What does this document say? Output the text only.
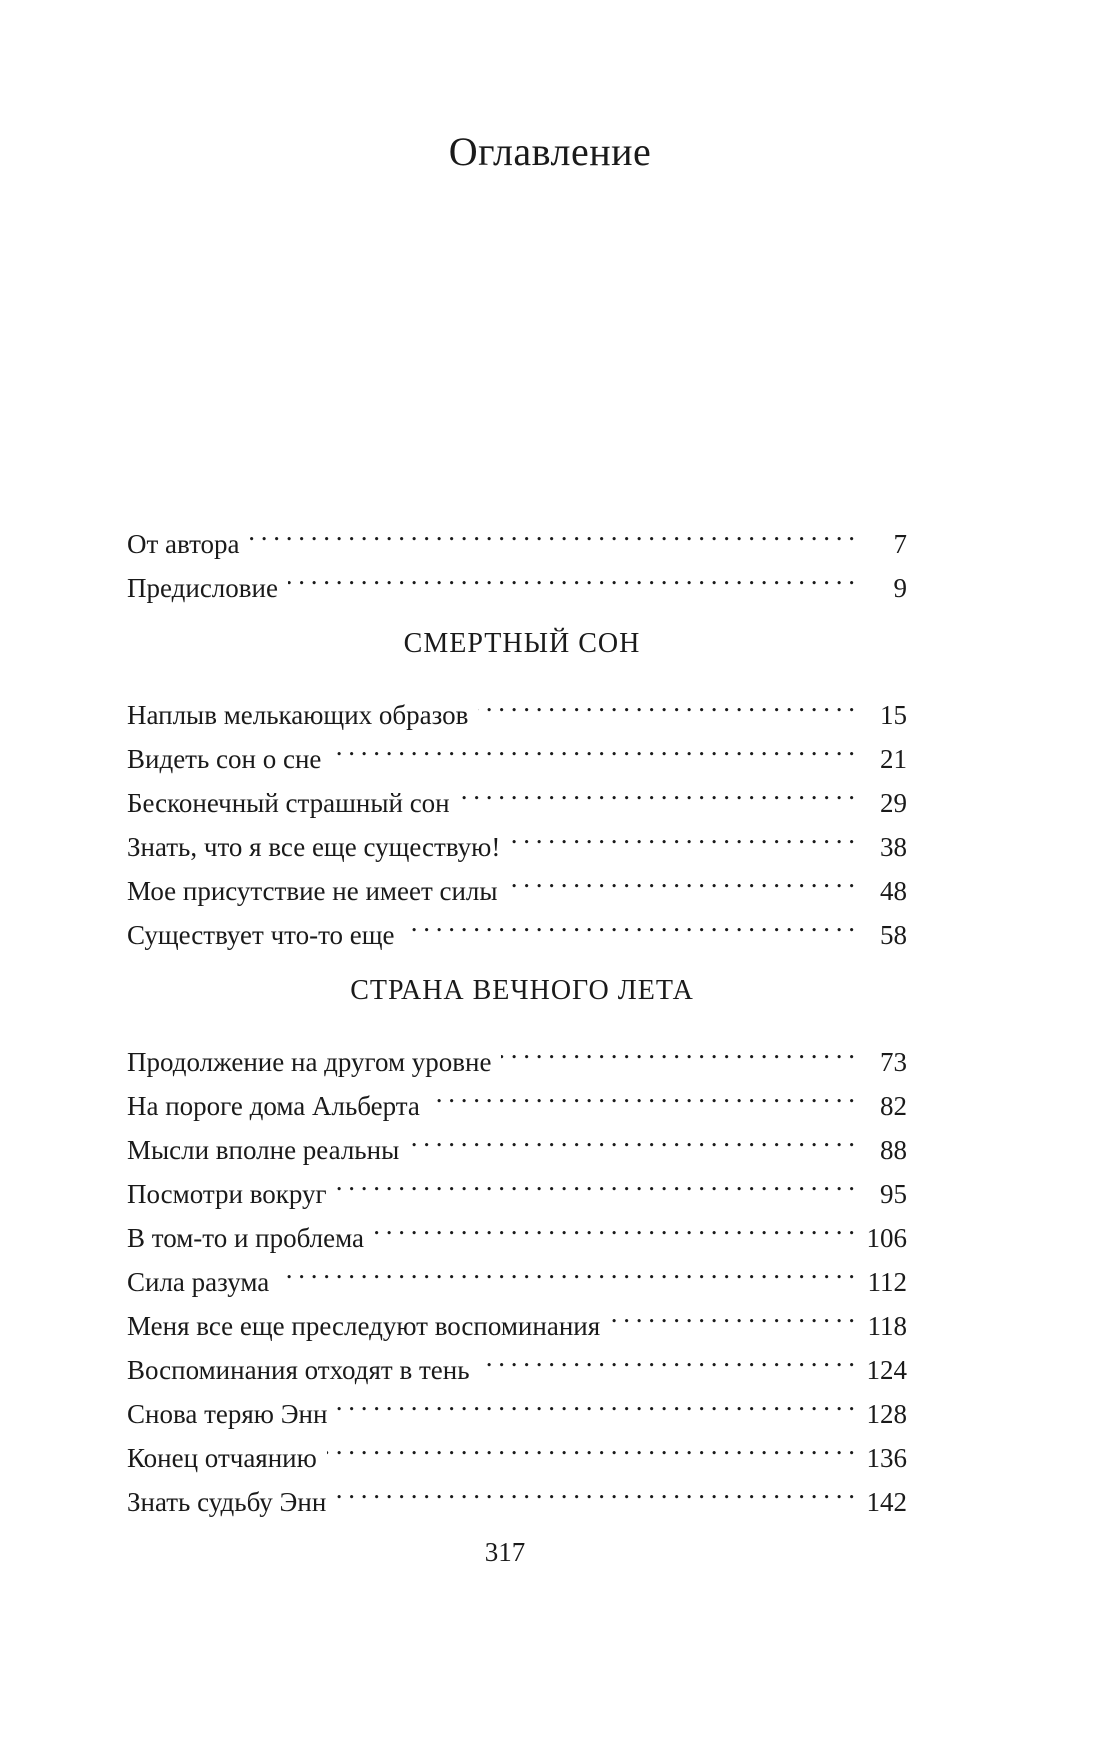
Оглавление
От автора . . .	7
Предисловие . . .	9
СМЕРТНЫЙ СОН
Наплыв мелькающих образов . . .	15
Видеть сон о сне . . .	21
Бесконечный страшный сон . . .	29
Знать, что я все еще существую! . . .	38
Мое присутствие не имеет силы . . .	48
Существует что-то еще . . .	58
СТРАНА ВЕЧНОГО ЛЕТА
Продолжение на другом уровне . . .	73
На пороге дома Альберта . . .	82
Мысли вполне реальны . . .	88
Посмотри вокруг . . .	95
В том-то и проблема . . .	106
Сила разума . . .	112
Меня все еще преследуют воспоминания . . .	118
Воспоминания отходят в тень . . .	124
Снова теряю Энн . . .	128
Конец отчаянию . . .	136
Знать судьбу Энн . . .	142
317
